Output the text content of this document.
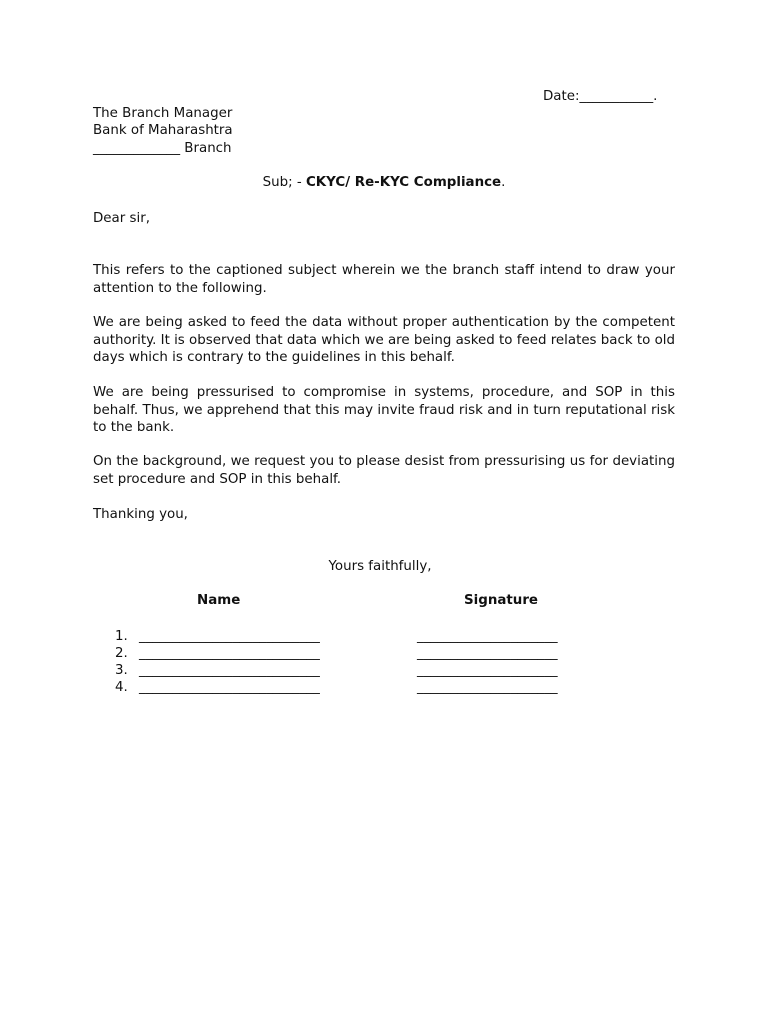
Date:___________.
The Branch Manager
Bank of Maharashtra
_____________ Branch
Sub; - CKYC/ Re-KYC Compliance.
Dear sir,

This refers to the captioned subject wherein we the branch staff intend to draw your attention to the following.

We are being asked to feed the data without proper authentication by the competent authority. It is observed that data which we are being asked to feed relates back to old days which is contrary to the guidelines in this behalf.

We are being pressurised to compromise in systems, procedure, and SOP in this behalf. Thus, we apprehend that this may invite fraud risk and in turn reputational risk to the bank.

On the background, we request you to please desist from pressurising us for deviating set procedure and SOP in this behalf.

Thanking you,
Yours faithfully,
Name	Signature
1. ___________________________	_____________________
2. ___________________________	_____________________
3. ___________________________	_____________________
4. ___________________________	_____________________
